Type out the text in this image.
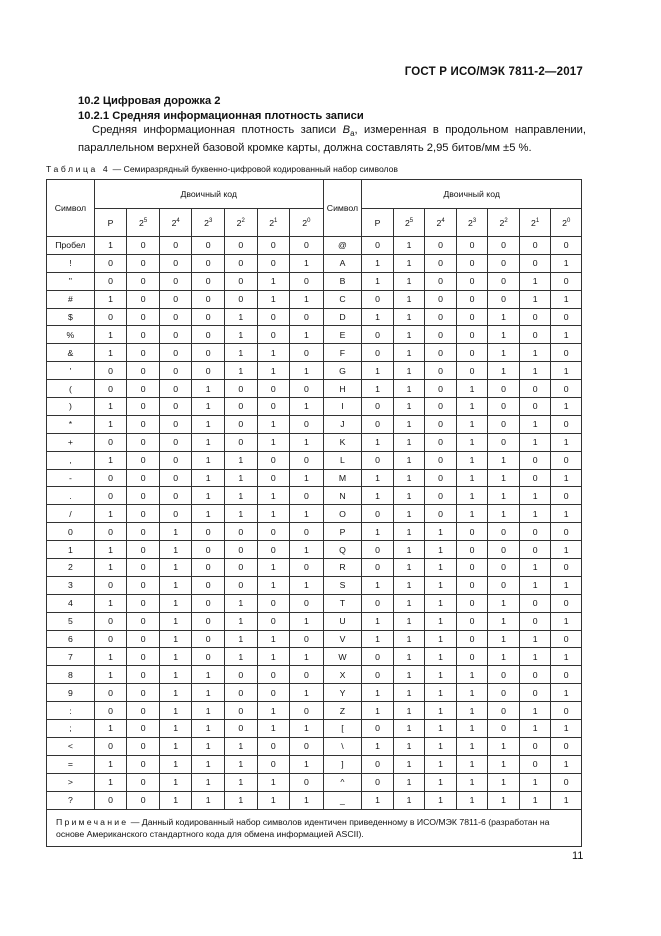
ГОСТ Р ИСО/МЭК 7811-2—2017
10.2 Цифровая дорожка 2
10.2.1 Средняя информационная плотность записи
Средняя информационная плотность записи $B_a$, измеренная в продольном направлении, параллельном верхней базовой кромке карты, должна составлять 2,95 битов/мм ±5 %.
Таблица 4 — Семиразрядный буквенно-цифровой кодированный набор символов
Символ	Двоичный код							Символ	Двоичный код						
	P	$2^5$	$2^4$	$2^3$	$2^2$	$2^1$	$2^0$		P	$2^5$	$2^4$	$2^3$	$2^2$	$2^1$	$2^0$
Пробел	1	0	0	0	0	0	0	@	0	1	0	0	0	0	0
!	0	0	0	0	0	0	1	A	1	1	0	0	0	0	1
"	0	0	0	0	0	1	0	B	1	1	0	0	0	1	0
#	1	0	0	0	0	1	1	C	0	1	0	0	0	1	1
$	0	0	0	0	1	0	0	D	1	1	0	0	1	0	0
%	1	0	0	0	1	0	1	E	0	1	0	0	1	0	1
&	1	0	0	0	1	1	0	F	0	1	0	0	1	1	0
'	0	0	0	0	1	1	1	G	1	1	0	0	1	1	1
(	0	0	0	1	0	0	0	H	1	1	0	1	0	0	0
)	1	0	0	1	0	0	1	I	0	1	0	1	0	0	1
*	1	0	0	1	0	1	0	J	0	1	0	1	0	1	0
+	0	0	0	1	0	1	1	K	1	1	0	1	0	1	1
,	1	0	0	1	1	0	0	L	0	1	0	1	1	0	0
-	0	0	0	1	1	0	1	M	1	1	0	1	1	0	1
.	0	0	0	1	1	1	0	N	1	1	0	1	1	1	0
/	1	0	0	1	1	1	1	O	0	1	0	1	1	1	1
0	0	0	1	0	0	0	0	P	1	1	1	0	0	0	0
1	1	0	1	0	0	0	1	Q	0	1	1	0	0	0	1
2	1	0	1	0	0	1	0	R	0	1	1	0	0	1	0
3	0	0	1	0	0	1	1	S	1	1	1	0	0	1	1
4	1	0	1	0	1	0	0	T	0	1	1	0	1	0	0
5	0	0	1	0	1	0	1	U	1	1	1	0	1	0	1
6	0	0	1	0	1	1	0	V	1	1	1	0	1	1	0
7	1	0	1	0	1	1	1	W	0	1	1	0	1	1	1
8	1	0	1	1	0	0	0	X	0	1	1	1	0	0	0
9	0	0	1	1	0	0	1	Y	1	1	1	1	0	0	1
:	0	0	1	1	0	1	0	Z	1	1	1	1	0	1	0
;	1	0	1	1	0	1	1	[	0	1	1	1	0	1	1
<	0	0	1	1	1	0	0	\	1	1	1	1	1	0	0
=	1	0	1	1	1	0	1	]	0	1	1	1	1	0	1
>	1	0	1	1	1	1	0	^	0	1	1	1	1	1	0
?	0	0	1	1	1	1	1	_	1	1	1	1	1	1	1
Примечание — Данный кодированный набор символов идентичен приведенному в ИСО/МЭК 7811-6 (разработан на основе Американского стандартного кода для обмена информацией ASCII).															
11
